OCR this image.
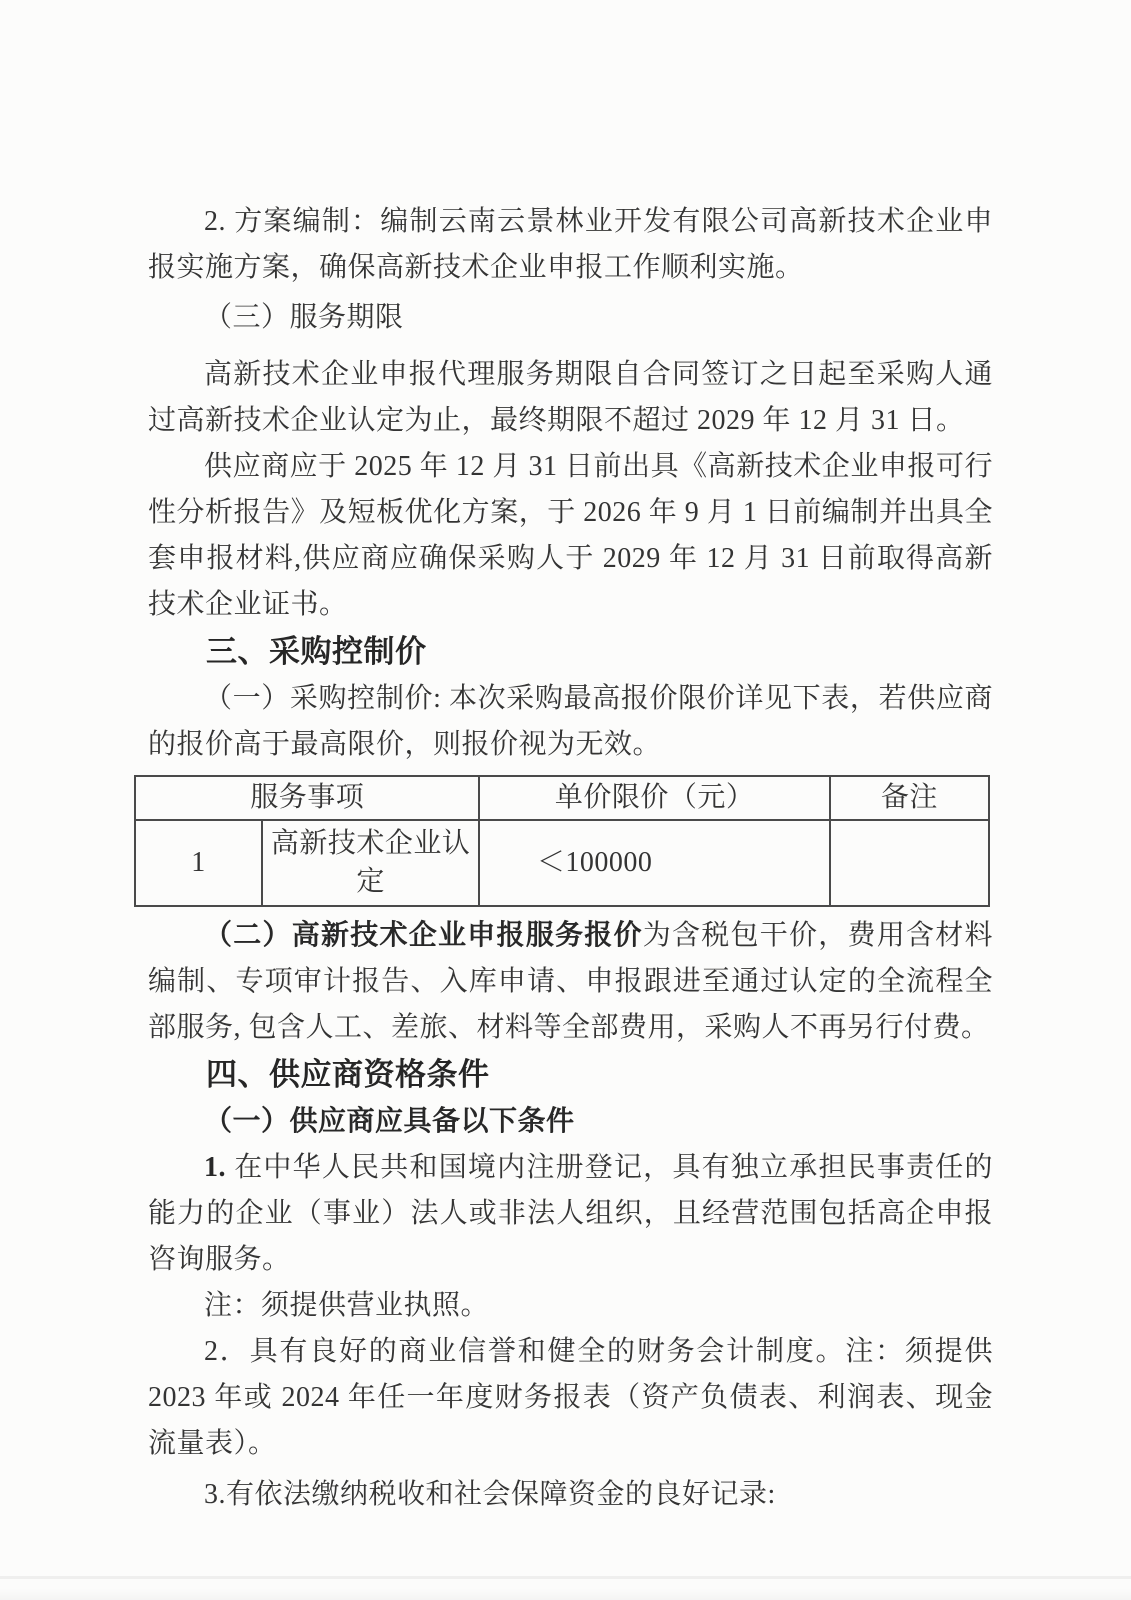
2. 方案编制：编制云南云景林业开发有限公司高新技术企业申报实施方案，确保高新技术企业申报工作顺利实施。

（三）服务期限

高新技术企业申报代理服务期限自合同签订之日起至采购人通过高新技术企业认定为止，最终期限不超过 2029 年 12 月 31 日。

供应商应于 2025 年 12 月 31 日前出具《高新技术企业申报可行性分析报告》及短板优化方案，于 2026 年 9 月 1 日前编制并出具全套申报材料,供应商应确保采购人于 2029 年 12 月 31 日前取得高新技术企业证书。

三、采购控制价

（一）采购控制价: 本次采购最高报价限价详见下表，若供应商的报价高于最高限价，则报价视为无效。

服务事项		单价限价（元）	备注
1	高新技术企业认定	＜100000	

（二）高新技术企业申报服务报价为含税包干价，费用含材料编制、专项审计报告、入库申请、申报跟进至通过认定的全流程全部服务, 包含人工、差旅、材料等全部费用，采购人不再另行付费。

四、供应商资格条件

（一）供应商应具备以下条件

1. 在中华人民共和国境内注册登记，具有独立承担民事责任的能力的企业（事业）法人或非法人组织，且经营范围包括高企申报咨询服务。

注：须提供营业执照。

2．具有良好的商业信誉和健全的财务会计制度。注：须提供 2023 年或 2024 年任一年度财务报表（资产负债表、利润表、现金流量表）。

3.有依法缴纳税收和社会保障资金的良好记录:
